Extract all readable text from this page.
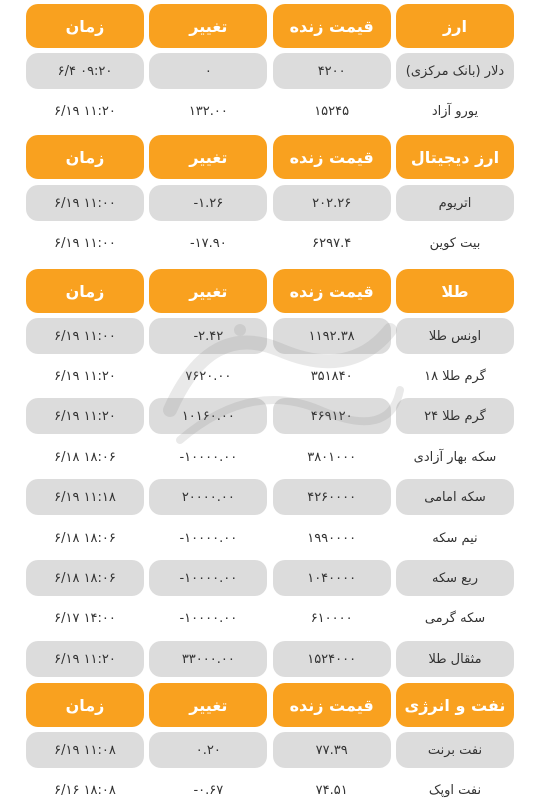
ارز
قیمت زنده
تغییر
زمان
دلار (بانک مرکزی)
۴۲۰۰
۰
۶/۴ ۰۹:۲۰
یورو آزاد
۱۵۲۴۵
۱۳۲.۰۰
۶/۱۹ ۱۱:۲۰
ارز دیجیتال
قیمت زنده
تغییر
زمان
اتریوم
۲۰۲.۲۶
-۱.۲۶
۶/۱۹ ۱۱:۰۰
بیت کوین
۶۲۹۷.۴
-۱۷.۹۰
۶/۱۹ ۱۱:۰۰
طلا
قیمت زنده
تغییر
زمان
اونس طلا
۱۱۹۲.۳۸
-۲.۴۲
۶/۱۹ ۱۱:۰۰
گرم طلا ۱۸
۳۵۱۸۴۰
۷۶۲۰.۰۰
۶/۱۹ ۱۱:۲۰
گرم طلا ۲۴
۴۶۹۱۲۰
۱۰۱۶۰.۰۰
۶/۱۹ ۱۱:۲۰
سکه بهار آزادی
۳۸۰۱۰۰۰
-۱۰۰۰۰.۰۰
۶/۱۸ ۱۸:۰۶
سکه امامی
۴۲۶۰۰۰۰
۲۰۰۰۰.۰۰
۶/۱۹ ۱۱:۱۸
نیم سکه
۱۹۹۰۰۰۰
-۱۰۰۰۰.۰۰
۶/۱۸ ۱۸:۰۶
ربع سکه
۱۰۴۰۰۰۰
-۱۰۰۰۰.۰۰
۶/۱۸ ۱۸:۰۶
سکه گرمی
۶۱۰۰۰۰
-۱۰۰۰۰.۰۰
۶/۱۷ ۱۴:۰۰
مثقال طلا
۱۵۲۴۰۰۰
۳۳۰۰۰.۰۰
۶/۱۹ ۱۱:۲۰
نفت و انرژی
قیمت زنده
تغییر
زمان
نفت برنت
۷۷.۳۹
۰.۲۰
۶/۱۹ ۱۱:۰۸
نفت اوپک
۷۴.۵۱
-۰.۶۷
۶/۱۶ ۱۸:۰۸
